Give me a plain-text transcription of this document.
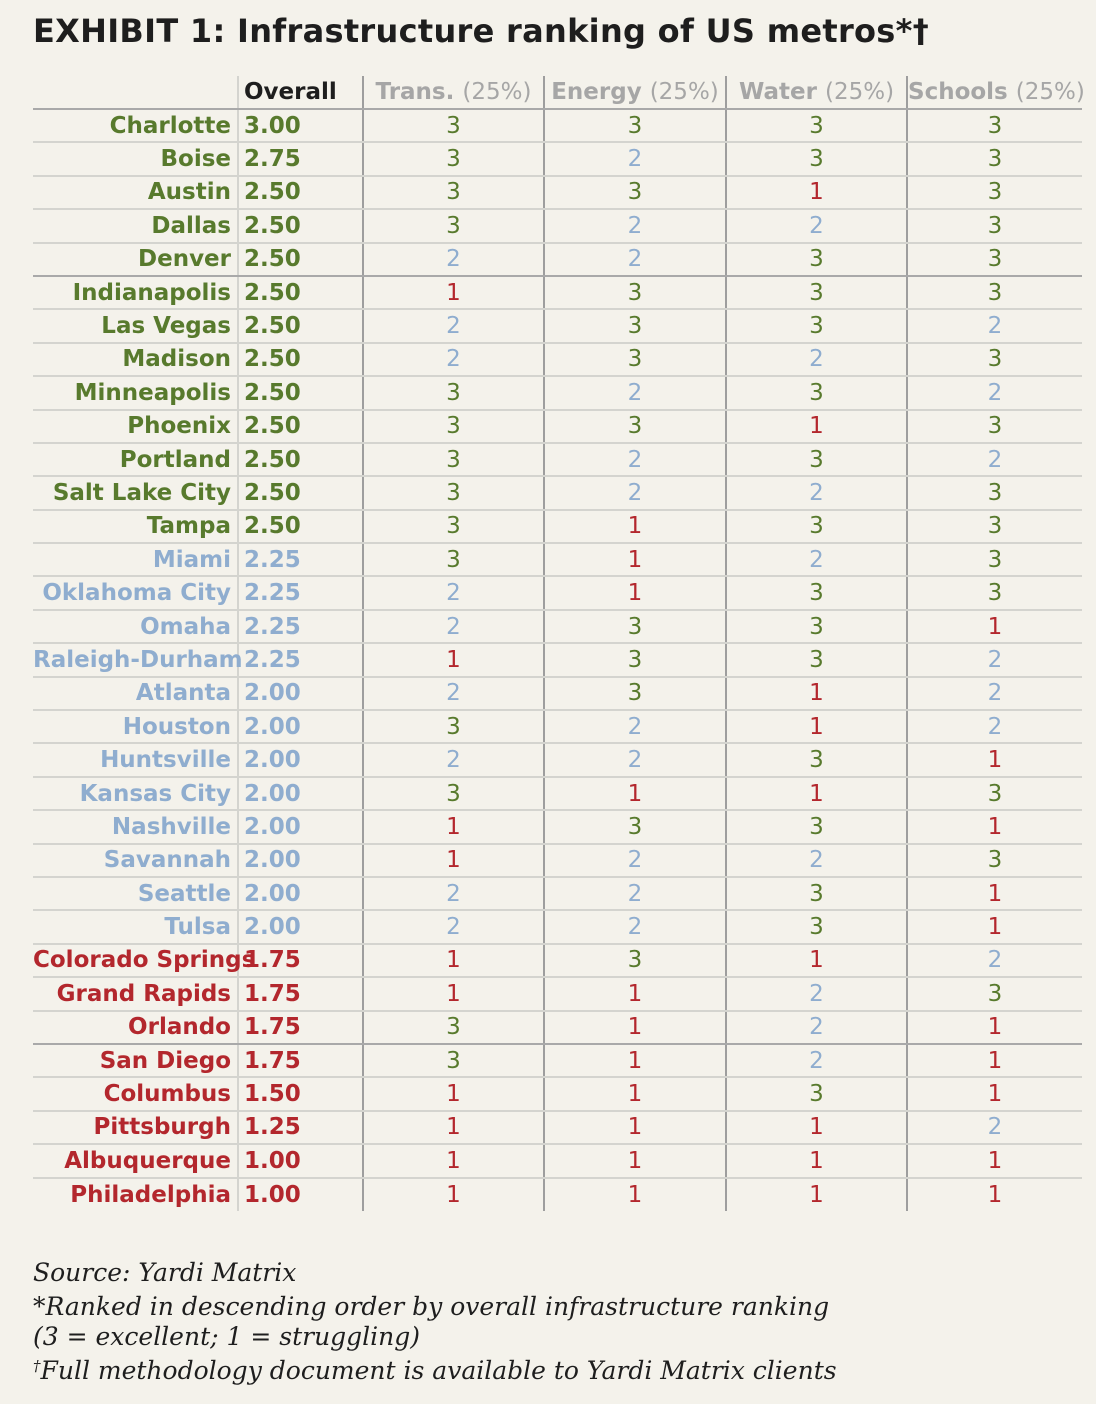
EXHIBIT 1: Infrastructure ranking of US metros*†
	Overall	Trans. (25%)	Energy (25%)	Water (25%)	Schools (25%)
Charlotte	3.00	3	3	3	3
Boise	2.75	3	2	3	3
Austin	2.50	3	3	1	3
Dallas	2.50	3	2	2	3
Denver	2.50	2	2	3	3
Indianapolis	2.50	1	3	3	3
Las Vegas	2.50	2	3	3	2
Madison	2.50	2	3	2	3
Minneapolis	2.50	3	2	3	2
Phoenix	2.50	3	3	1	3
Portland	2.50	3	2	3	2
Salt Lake City	2.50	3	2	2	3
Tampa	2.50	3	1	3	3
Miami	2.25	3	1	2	3
Oklahoma City	2.25	2	1	3	3
Omaha	2.25	2	3	3	1
Raleigh-Durham	2.25	1	3	3	2
Atlanta	2.00	2	3	1	2
Houston	2.00	3	2	1	2
Huntsville	2.00	2	2	3	1
Kansas City	2.00	3	1	1	3
Nashville	2.00	1	3	3	1
Savannah	2.00	1	2	2	3
Seattle	2.00	2	2	3	1
Tulsa	2.00	2	2	3	1
Colorado Springs	1.75	1	3	1	2
Grand Rapids	1.75	1	1	2	3
Orlando	1.75	3	1	2	1
San Diego	1.75	3	1	2	1
Columbus	1.50	1	1	3	1
Pittsburgh	1.25	1	1	1	2
Albuquerque	1.00	1	1	1	1
Philadelphia	1.00	1	1	1	1

Source: Yardi Matrix

*Ranked in descending order by overall infrastructure ranking
(3 = excellent; 1 = struggling)

†Full methodology document is available to Yardi Matrix clients
